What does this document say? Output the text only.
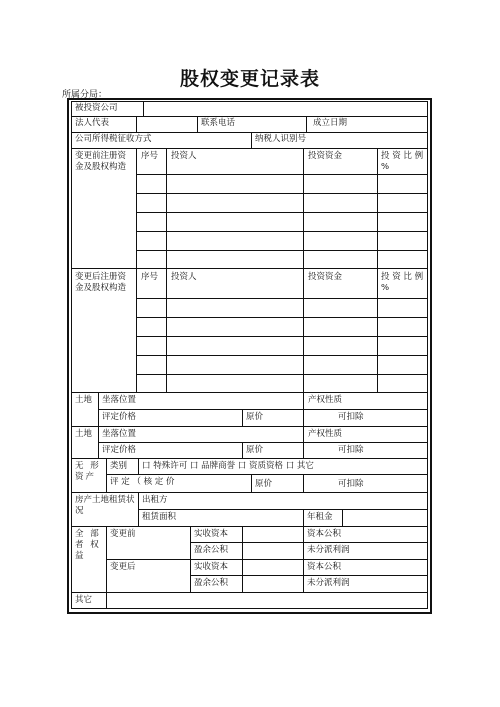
股权变更记录表
所属分局：
被投资公司
法人代表	联系电话	成立日期
公司所得税征收方式	纳税人识别号
变更前注册资金及股权构造
序号 投资人	投资资金	投 资 比 例 %
变更后注册资金及股权构造
序号 投资人	投资资金	投 资 比 例 %
土地 坐落位置	产权性质
评定价格	原价	可扣除
土地 坐落位置	产权性质
评定价格	原价	可扣除
无 形 资产
类别 口 特殊许可 口 品牌商誉 口 资质资格 口 其它
评 定 （ 核 定 价	原价	可扣除
房产土地租赁状况
出租方
租赁面积	年租金
全 部 者 权 益
变更前	实收资本	资本公积
盈余公积	未分派利润
变更后	实收资本	资本公积
盈余公积	未分派利润
其它
